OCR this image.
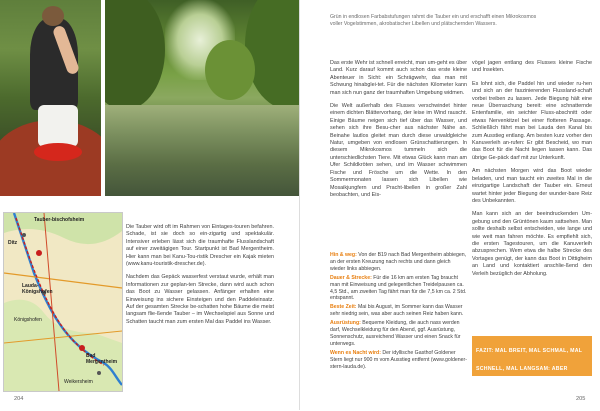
Ditz
Tauber-bischofsheim
Lauda-Königshofen
Königshofen
Bad Mergentheim
Weikersheim

Die Tauber wird oft im Rahmen von Eintages-touren befahren. Schade, ist sie doch so ein-zigartig und spektakulär. Intensiver erleben lässt sich die traumhafte Flusslandschaft auf einer zweitägigen Tour. Startpunkt ist Bad Mergentheim. Hier kann man bei Kanu-Tou-ristik Drescher ein Kajak mieten (www.kanu-touristik-drescher.de).

Nachdem das Gepäck wasserfest verstaut wurde, erhält man Informationen zur geplan-ten Strecke, dann wird auch schon das Boot zu Wasser gelassen. Anfänger erhalten eine Einweisung ins sichere Einsteigen und den Paddeleinsatz. Auf der gesamten Strecke be-schatten hohe Bäume die meist langsam flie-ßende Tauber – im Wechselspiel aus Sonne und Schatten taucht man zum ersten Mal das Paddel ins Wasser.

204
Grün in endlosen Farbabstufungen rahmt die Tauber ein und erschafft einen Mikrokosmos voller Vogelstimmen, akrobatischer Libellen und plätschernden Wassers.

Das erste Wehr ist schnell erreicht, man um-geht es über Land. Kurz darauf kommt auch schon das erste kleine Abenteuer in Sicht: ein Schrägwehr, das man mit Schwung hinabglei-tet. Für die nächsten Kilometer kann man sich nun ganz der traumhaften Umgebung widmen.

Die Welt außerhalb des Flusses verschwindet hinter einem dichten Blättervorhang, der leise im Wind rauscht. Einige Bäume neigen sich tief über das Wasser, und sehen sich ihre Besu-cher aus nächster Nähe an. Beinahe lautlos gleitet man durch diese urwaldgleiche Natur, umgeben von endlosen Grünschattierungen. In diesem Mikrokosmos tummeln sich die unterschiedlichsten Tiere. Mit etwas Glück kann man am Ufer Schildkröten sehen, und im Wasser schwimmen Fische und Frösche um die Wette. In den Sommermonaten lassen sich Libellen wie Mosaikjungfern und Pracht-libellen in großer Zahl beobachten, und Eis-

Hin & weg: Von der B19 nach Bad Mergentheim abbiegen, an der ersten Kreuzung nach rechts und dann gleich wieder links abbiegen.

Dauer & Strecke: Für die 16 km am ersten Tag braucht man mit Einweisung und gelegentlichen Treidelpausen ca. 4,5 Std., am zweiten Tag fährt man für die 7,5 km ca. 2 Std. entspannt.

Beste Zeit: Mai bis August, im Sommer kann das Wasser sehr niedrig sein, was aber auch seinen Reiz haben kann.

Ausrüstung: Bequeme Kleidung, die auch nass werden darf, Wechselkleidung für den Abend, ggf. Ausrüstung, Sonnenschutz, ausreichend Wasser und einen Snack für unterwegs.

Wenn es Nacht wird: Der idyllische Gasthof Goldener Stern liegt nur 900 m vom Ausstieg entfernt (www.goldener-stern-lauda.de).

vögel jagen entlang des Flusses kleine Fische und Insekten.

Es lohnt sich, die Paddel hin und wieder ru-hen und sich an der faszinierenden Flussland-schaft vorbei treiben zu lassen. Jede Biegung hält eine neue Überraschung bereit: eine schnatternde Entenfamilie, ein seichter Fluss-abschnitt oder etwas Nervenkitzel bei einer flotteren Passage. Schließlich fährt man bei Lauda den Kanal bis zum Ausstieg entlang. Am besten kurz vorher den Kanuverleih an-rufen: Er gibt Bescheid, wo man das Boot für die Nacht liegen lassen kann. Das übrige Ge-päck darf mit zur Unterkunft.

Am nächsten Morgen wird das Boot wieder beladen, und man taucht ein zweites Mal in die einzigartige Landschaft der Tauber ein. Erneut wartet hinter jeder Biegung der wunder-bare Reiz des Unbekannten.

Man kann sich an der beeindruckenden Um-gebung und den Grüntönen kaum sattsehen. Man sollte deshalb selbst entscheiden, wie lange und wie weit man fahren möchte. Es empfiehlt sich, die ersten Tagestouren, um die Kanuverleih abzusprechen. Wem etwa die halbe Strecke des Vortages genügt, der kann das Boot in Dittigheim an Land und kontaktiert anschlie-ßend den Verleih bezüglich der Abholung.

FAZIT: MAL BREIT, MAL SCHMAL, MAL SCHNELL, MAL LANGSAM: ABER IMMER IST DIE TAUBER GRÜN, WILD UND UNHEIMLICH ÜBERRASCHEND.
205
